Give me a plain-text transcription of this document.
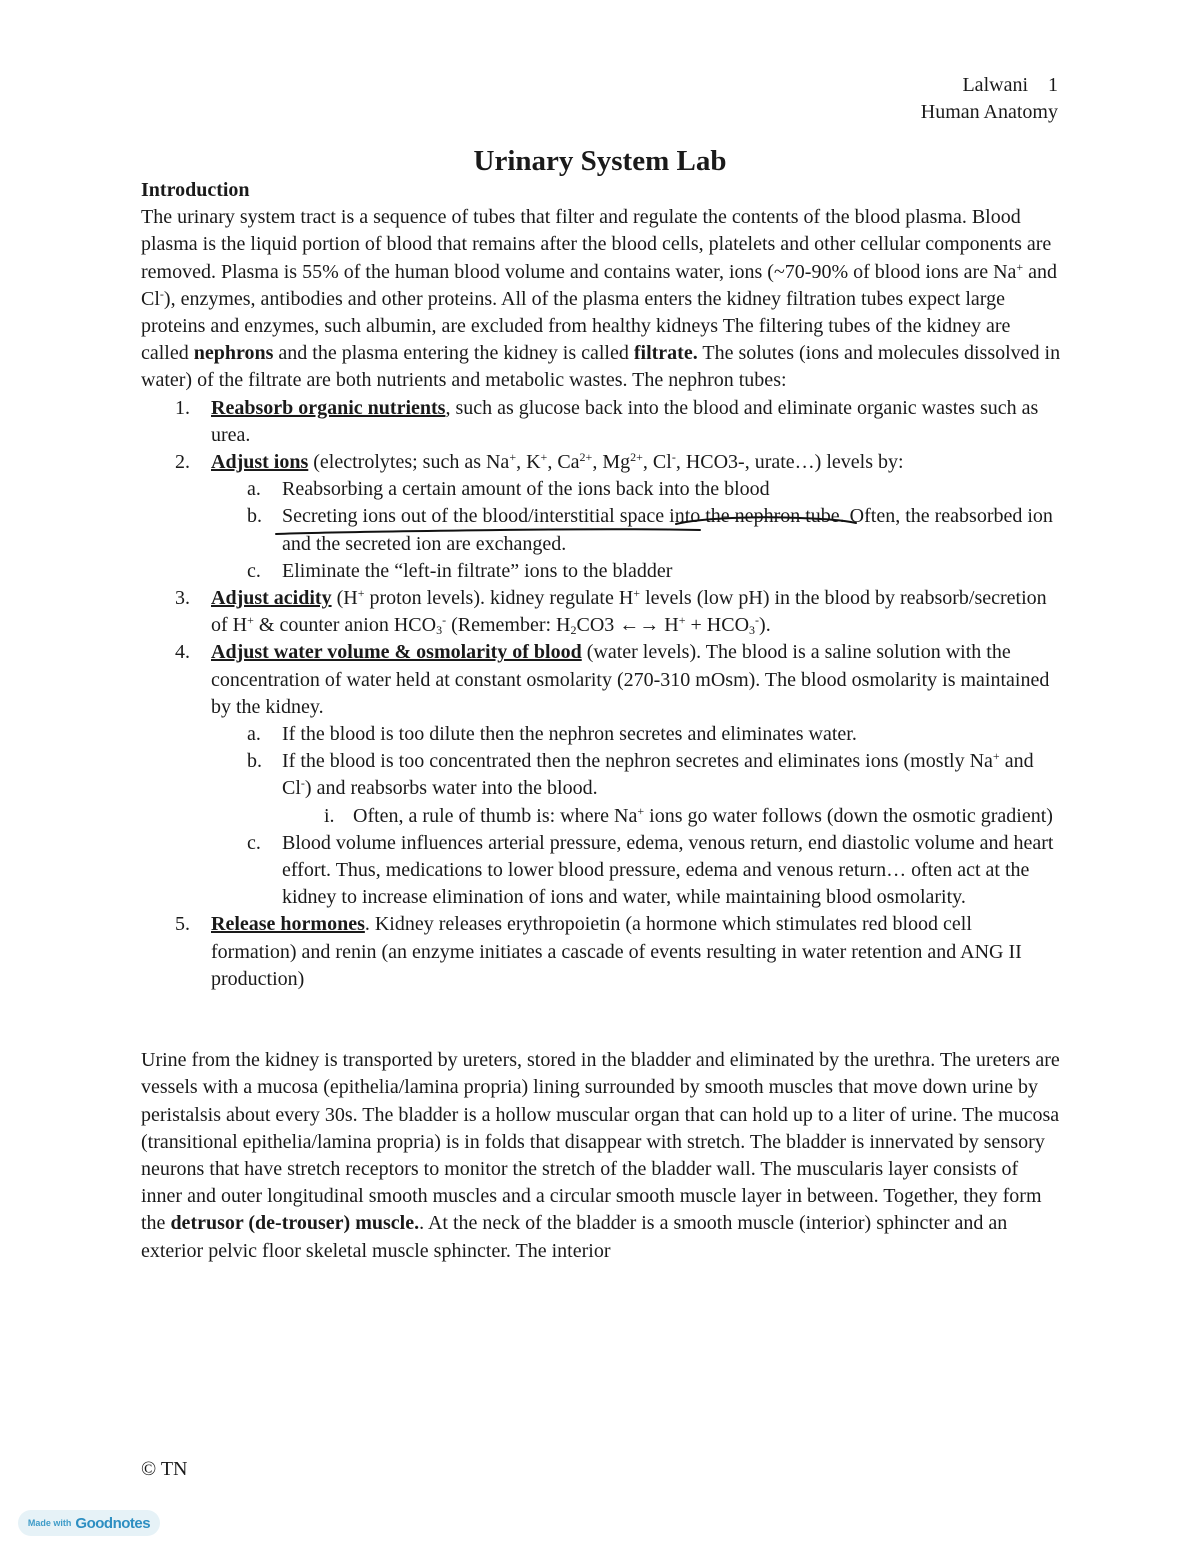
Lalwani 1
Human Anatomy
Urinary System Lab
Introduction

The urinary system tract is a sequence of tubes that filter and regulate the contents of the blood plasma. Blood plasma is the liquid portion of blood that remains after the blood cells, platelets and other cellular components are removed. Plasma is 55% of the human blood volume and contains water, ions (~70-90% of blood ions are Na+ and Cl-), enzymes, antibodies and other proteins. All of the plasma enters the kidney filtration tubes expect large proteins and enzymes, such albumin, are excluded from healthy kidneys The filtering tubes of the kidney are called nephrons and the plasma entering the kidney is called filtrate. The solutes (ions and molecules dissolved in water) of the filtrate are both nutrients and metabolic wastes. The nephron tubes:

1. Reabsorb organic nutrients, such as glucose back into the blood and eliminate organic wastes such as urea.
2. Adjust ions (electrolytes; such as Na+, K+, $Ca^{2+}$, $Mg^{2+}$, Cl-, HCO3-, urate…) levels by:
a. Reabsorbing a certain amount of the ions back into the blood
b. Secreting ions out of the blood/interstitial space into the nephron tube. Often, the reabsorbed ion and the secreted ion are exchanged.
c. Eliminate the “left-in filtrate” ions to the bladder
3. Adjust acidity (H+ proton levels). kidney regulate H+ levels (low pH) in the blood by reabsorb/secretion of H+ & counter anion $HCO_3^-$ (Remember: $H_2CO3$ ←→ $H^+ + HCO_3^-$).
4. Adjust water volume & osmolarity of blood (water levels). The blood is a saline solution with the concentration of water held at constant osmolarity (270-310 mOsm). The blood osmolarity is maintained by the kidney.
a. If the blood is too dilute then the nephron secretes and eliminates water.
b. If the blood is too concentrated then the nephron secretes and eliminates ions (mostly Na+ and Cl-) and reabsorbs water into the blood.
i. Often, a rule of thumb is: where Na+ ions go water follows (down the osmotic gradient)
c. Blood volume influences arterial pressure, edema, venous return, end diastolic volume and heart effort. Thus, medications to lower blood pressure, edema and venous return… often act at the kidney to increase elimination of ions and water, while maintaining blood osmolarity.
5. Release hormones. Kidney releases erythropoietin (a hormone which stimulates red blood cell formation) and renin (an enzyme initiates a cascade of events resulting in water retention and ANG II production)

Urine from the kidney is transported by ureters, stored in the bladder and eliminated by the urethra. The ureters are vessels with a mucosa (epithelia/lamina propria) lining surrounded by smooth muscles that move down urine by peristalsis about every 30s. The bladder is a hollow muscular organ that can hold up to a liter of urine. The mucosa (transitional epithelia/lamina propria) is in folds that disappear with stretch. The bladder is innervated by sensory neurons that have stretch receptors to monitor the stretch of the bladder wall. The muscularis layer consists of inner and outer longitudinal smooth muscles and a circular smooth muscle layer in between. Together, they form the detrusor (de-trouser) muscle.. At the neck of the bladder is a smooth muscle (interior) sphincter and an exterior pelvic floor skeletal muscle sphincter. The interior

© TN
Made with Goodnotes
